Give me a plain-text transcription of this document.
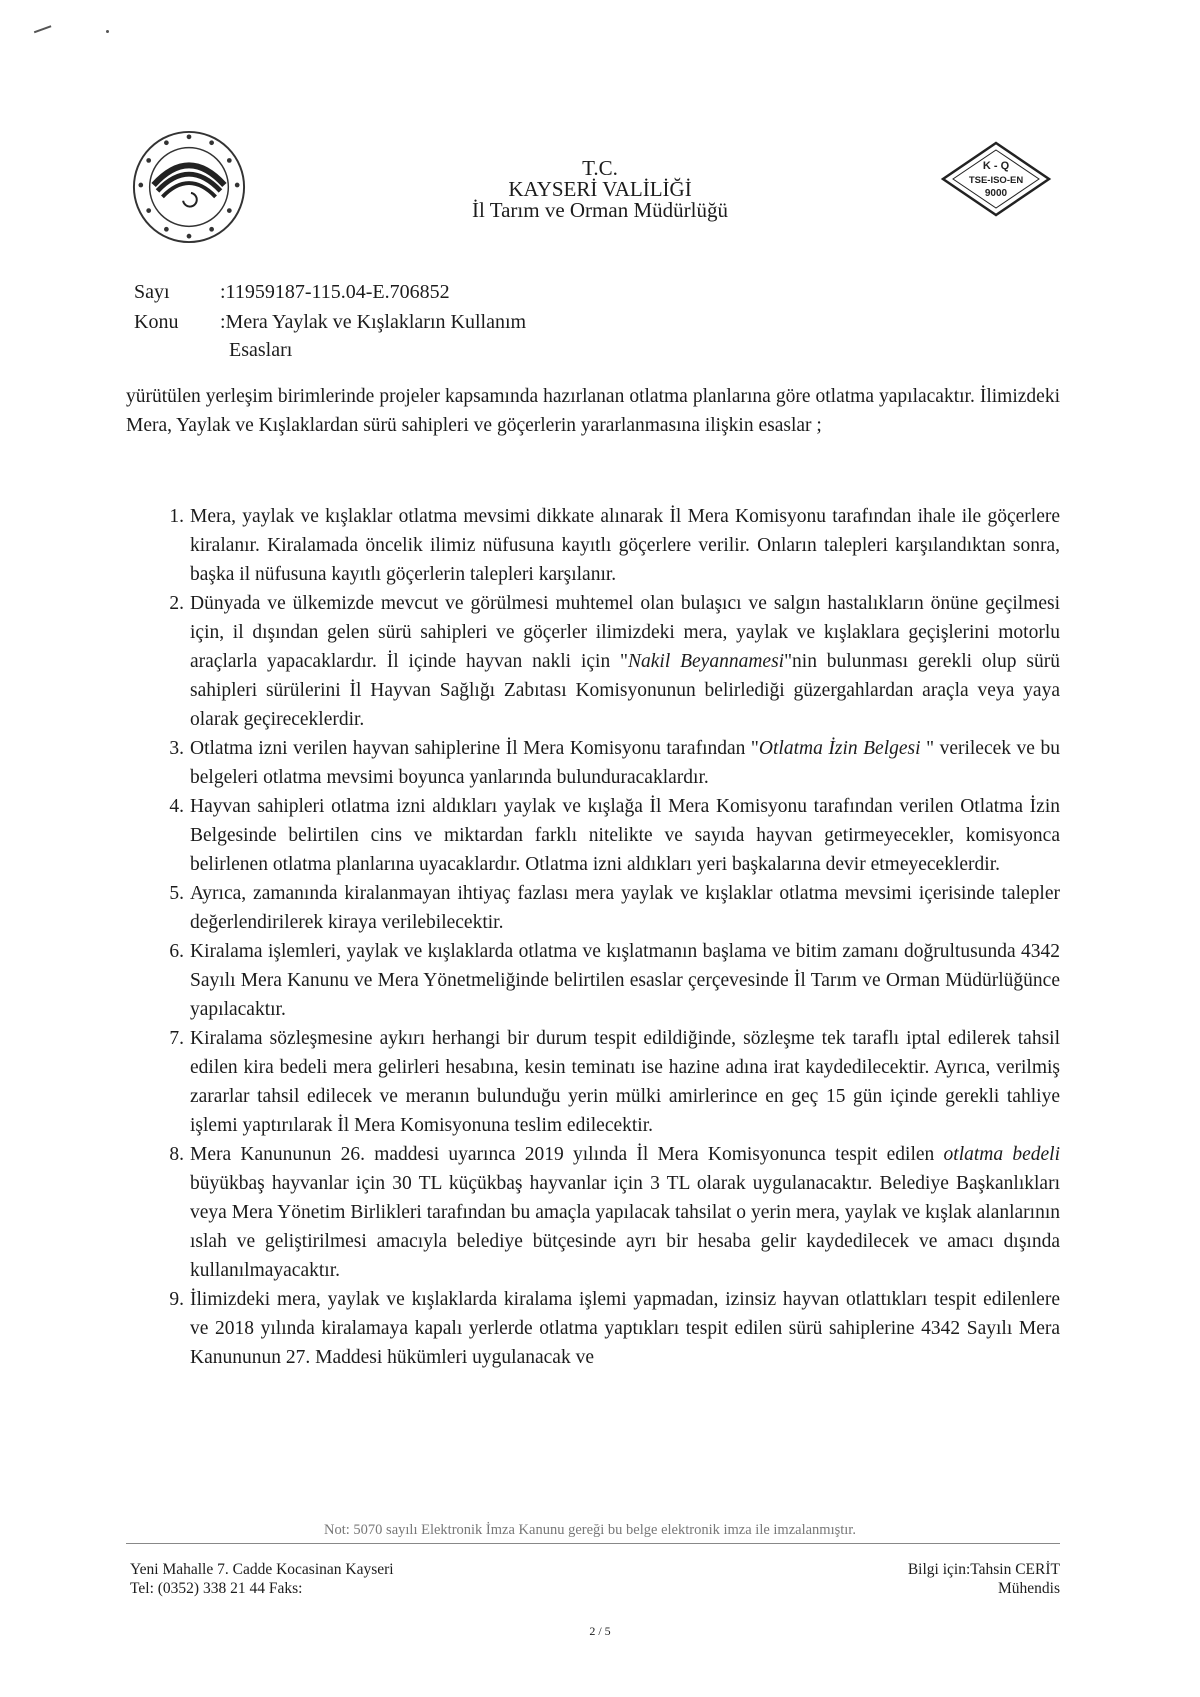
T.C.
KAYSERİ VALİLİĞİ
İl Tarım ve Orman Müdürlüğü
K - Q
TSE-ISO-EN
9000
Sayı	:11959187-115.04-E.706852
Konu :Mera Yaylak ve Kışlakların Kullanım
Esasları
yürütülen yerleşim birimlerinde projeler kapsamında hazırlanan otlatma planlarına göre otlatma yapılacaktır. İlimizdeki Mera, Yaylak ve Kışlaklardan sürü sahipleri ve göçerlerin yararlanmasına ilişkin esaslar ;
1. Mera, yaylak ve kışlaklar otlatma mevsimi dikkate alınarak İl Mera Komisyonu tarafından ihale ile göçerlere kiralanır. Kiralamada öncelik ilimiz nüfusuna kayıtlı göçerlere verilir. Onların talepleri karşılandıktan sonra, başka il nüfusuna kayıtlı göçerlerin talepleri karşılanır.
2. Dünyada ve ülkemizde mevcut ve görülmesi muhtemel olan bulaşıcı ve salgın hastalıkların önüne geçilmesi için, il dışından gelen sürü sahipleri ve göçerler ilimizdeki mera, yaylak ve kışlaklara geçişlerini motorlu araçlarla yapacaklardır. İl içinde hayvan nakli için "Nakil Beyannamesi"nin bulunması gerekli olup sürü sahipleri sürülerini İl Hayvan Sağlığı Zabıtası Komisyonunun belirlediği güzergahlardan araçla veya yaya olarak geçireceklerdir.
3. Otlatma izni verilen hayvan sahiplerine İl Mera Komisyonu tarafından "Otlatma İzin Belgesi " verilecek ve bu belgeleri otlatma mevsimi boyunca yanlarında bulunduracaklardır.
4. Hayvan sahipleri otlatma izni aldıkları yaylak ve kışlağa İl Mera Komisyonu tarafından verilen Otlatma İzin Belgesinde belirtilen cins ve miktardan farklı nitelikte ve sayıda hayvan getirmeyecekler, komisyonca belirlenen otlatma planlarına uyacaklardır. Otlatma izni aldıkları yeri başkalarına devir etmeyeceklerdir.
5. Ayrıca, zamanında kiralanmayan ihtiyaç fazlası mera yaylak ve kışlaklar otlatma mevsimi içerisinde talepler değerlendirilerek kiraya verilebilecektir.
6. Kiralama işlemleri, yaylak ve kışlaklarda otlatma ve kışlatmanın başlama ve bitim zamanı doğrultusunda 4342 Sayılı Mera Kanunu ve Mera Yönetmeliğinde belirtilen esaslar çerçevesinde İl Tarım ve Orman Müdürlüğünce yapılacaktır.
7. Kiralama sözleşmesine aykırı herhangi bir durum tespit edildiğinde, sözleşme tek taraflı iptal edilerek tahsil edilen kira bedeli mera gelirleri hesabına, kesin teminatı ise hazine adına irat kaydedilecektir. Ayrıca, verilmiş zararlar tahsil edilecek ve meranın bulunduğu yerin mülki amirlerince en geç 15 gün içinde gerekli tahliye işlemi yaptırılarak İl Mera Komisyonuna teslim edilecektir.
8. Mera Kanununun 26. maddesi uyarınca 2019 yılında İl Mera Komisyonunca tespit edilen otlatma bedeli büyükbaş hayvanlar için 30 TL küçükbaş hayvanlar için 3 TL olarak uygulanacaktır. Belediye Başkanlıkları veya Mera Yönetim Birlikleri tarafından bu amaçla yapılacak tahsilat o yerin mera, yaylak ve kışlak alanlarının ıslah ve geliştirilmesi amacıyla belediye bütçesinde ayrı bir hesaba gelir kaydedilecek ve amacı dışında kullanılmayacaktır.
9. İlimizdeki mera, yaylak ve kışlaklarda kiralama işlemi yapmadan, izinsiz hayvan otlattıkları tespit edilenlere ve 2018 yılında kiralamaya kapalı yerlerde otlatma yaptıkları tespit edilen sürü sahiplerine 4342 Sayılı Mera Kanununun 27. Maddesi hükümleri uygulanacak ve
Not: 5070 sayılı Elektronik İmza Kanunu gereği bu belge elektronik imza ile imzalanmıştır.
Yeni Mahalle 7. Cadde Kocasinan Kayseri
Tel: (0352) 338 21 44 Faks:
Bilgi için:Tahsin CERİT
Mühendis
2 / 5
